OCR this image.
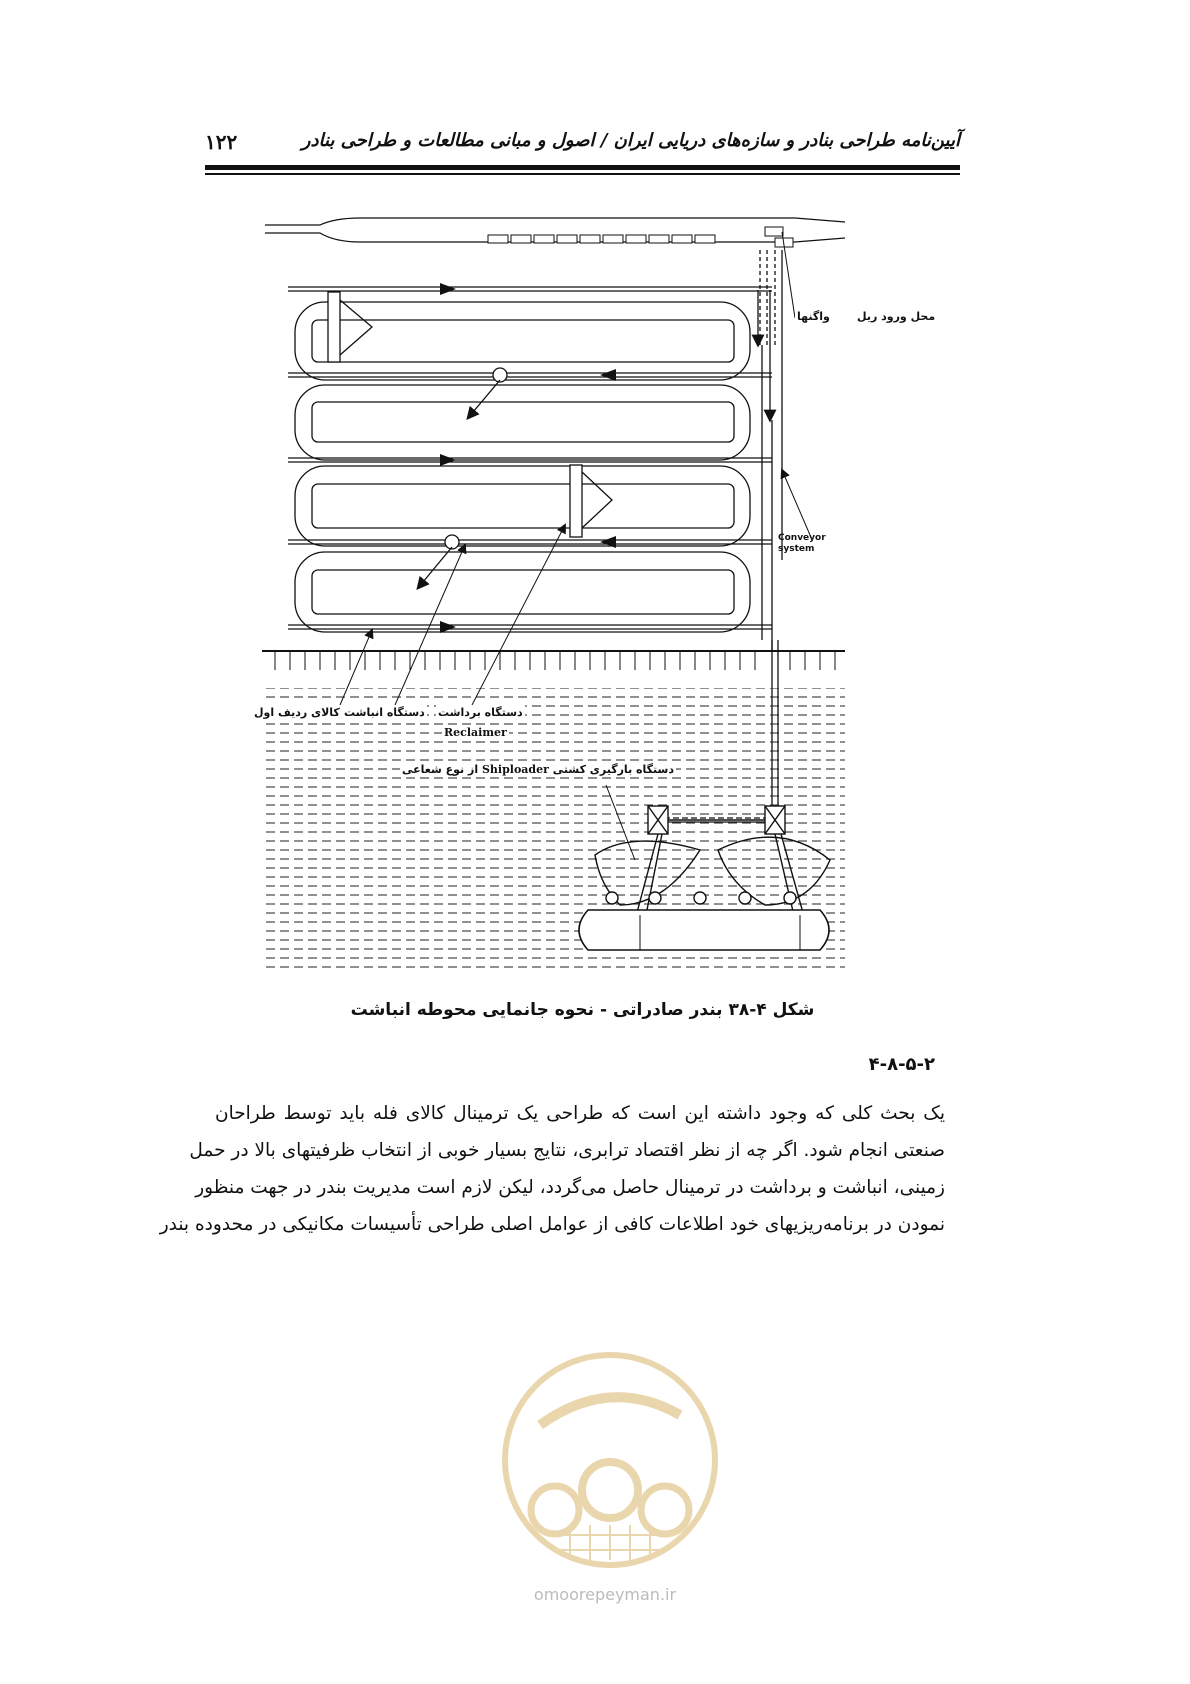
آیین‌نامه طراحی بنادر و سازه‌های دریایی ایران / اصول و مبانی مطالعات و طراحی بنادر
۱۲۲
محل ورود ریل
واگنها
Conveyor
system
کالای ردیف اول دستگاه انباشت دستگاه برداشت
Reclaimer
دستگاه بارگیری کشتی Shiploader از نوع شعاعی
شکل ۴-۳۸ بندر صادراتی - نحوه جانمایی محوطه انباشت
۴-۸-۵-۲

یک بحث کلی که وجود داشته این است که طراحی یک ترمینال کالای فله باید توسط طراحان

صنعتی انجام شود. اگر چه از نظر اقتصاد ترابری، نتایج بسیار خوبی از انتخاب ظرفیتهای بالا در حمل

زمینی، انباشت و برداشت در ترمینال حاصل می‌گردد، لیکن لازم است مدیریت بندر در جهت منظور

نمودن در برنامه‌ریزیهای خود اطلاعات کافی از عوامل اصلی طراحی تأسیسات مکانیکی در محدوده بندر

omoorepeyman.ir
